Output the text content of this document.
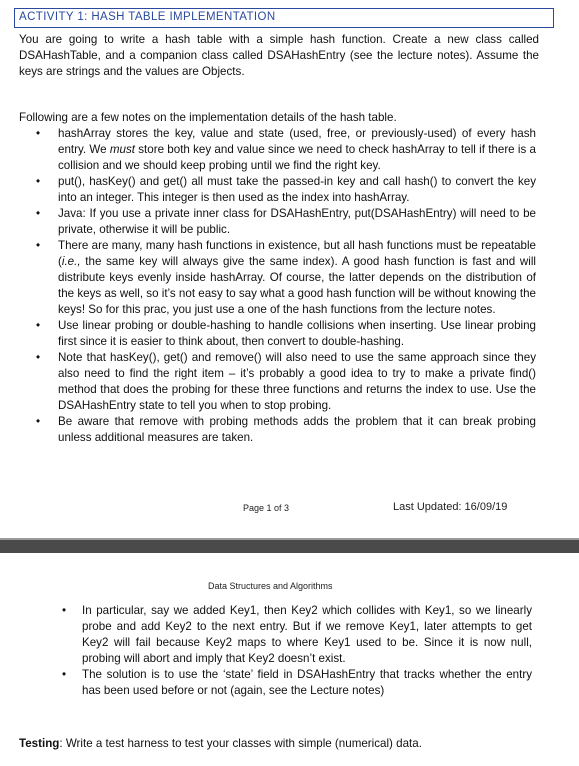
ACTIVITY 1: HASH TABLE IMPLEMENTATION

You are going to write a hash table with a simple hash function. Create a new class called DSAHashTable, and a companion class called DSAHashEntry (see the lecture notes). Assume the keys are strings and the values are Objects.

Following are a few notes on the implementation details of the hash table.

• hashArray stores the key, value and state (used, free, or previously-used) of every hash entry. We must store both key and value since we need to check hashArray to tell if there is a collision and we should keep probing until we find the right key.
• put(), hasKey() and get() all must take the passed-in key and call hash() to convert the key into an integer. This integer is then used as the index into hashArray.
• Java: If you use a private inner class for DSAHashEntry, put(DSAHashEntry) will need to be private, otherwise it will be public.
• There are many, many hash functions in existence, but all hash functions must be repeatable (i.e., the same key will always give the same index). A good hash function is fast and will distribute keys evenly inside hashArray. Of course, the latter depends on the distribution of the keys as well, so it’s not easy to say what a good hash function will be without knowing the keys! So for this prac, you just use a one of the hash functions from the lecture notes.
• Use linear probing or double-hashing to handle collisions when inserting. Use linear probing first since it is easier to think about, then convert to double-hashing.
• Note that hasKey(), get() and remove() will also need to use the same approach since they also need to find the right item – it’s probably a good idea to try to make a private find() method that does the probing for these three functions and returns the index to use. Use the DSAHashEntry state to tell you when to stop probing.
• Be aware that remove with probing methods adds the problem that it can break probing unless additional measures are taken.
Page 1 of 3	Last Updated: 16/09/19
Data Structures and Algorithms
• In particular, say we added Key1, then Key2 which collides with Key1, so we linearly probe and add Key2 to the next entry. But if we remove Key1, later attempts to get Key2 will fail because Key2 maps to where Key1 used to be. Since it is now null, probing will abort and imply that Key2 doesn’t exist.
• The solution is to use the ‘state’ field in DSAHashEntry that tracks whether the entry has been used before or not (again, see the Lecture notes)
Testing: Write a test harness to test your classes with simple (numerical) data.
